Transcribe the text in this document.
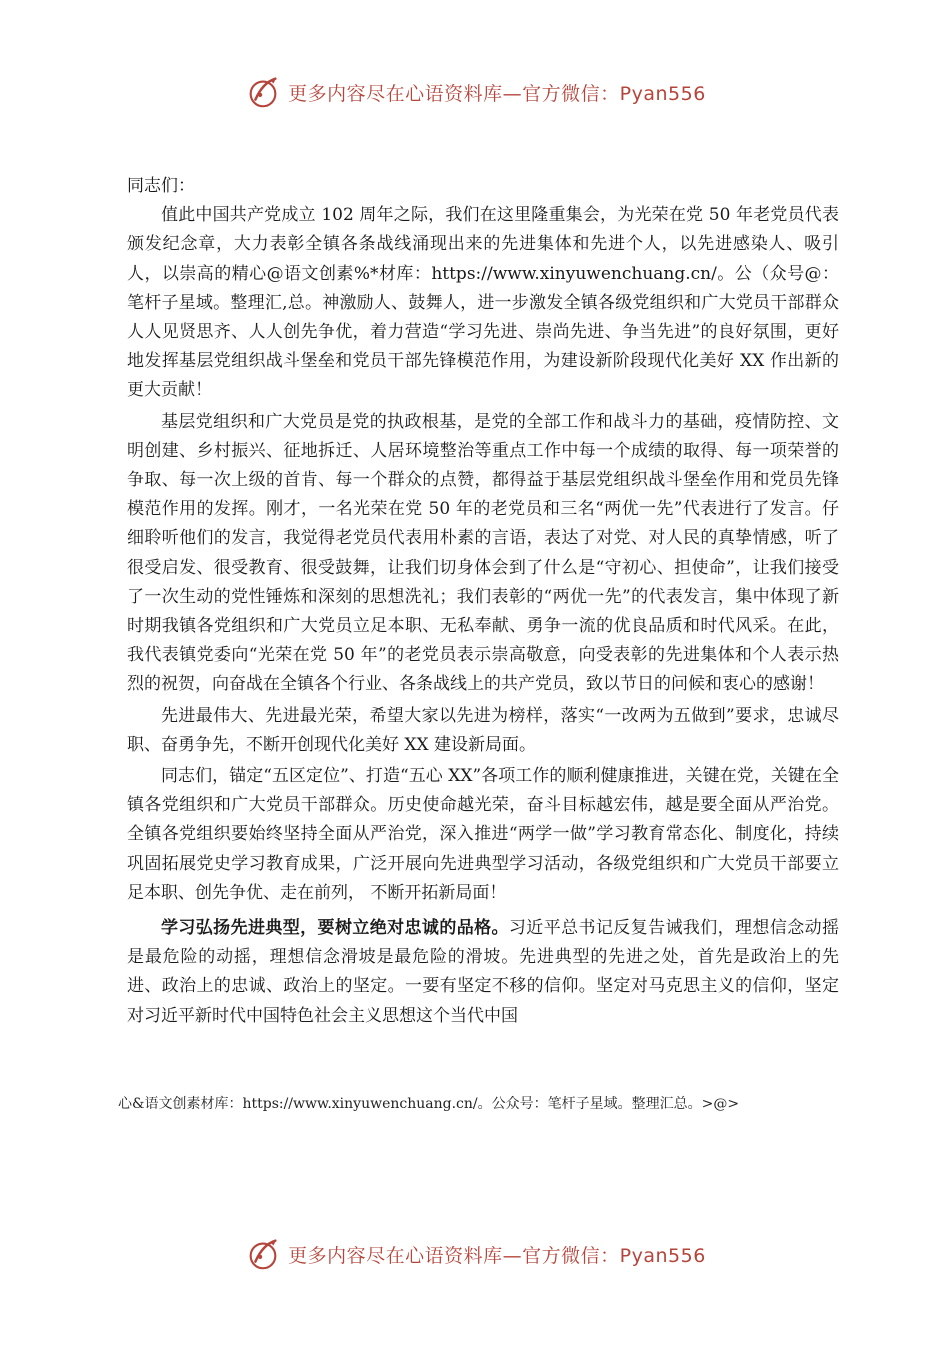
更多内容尽在心语资料库—官方微信：Pyan556

同志们：

值此中国共产党成立 102 周年之际，我们在这里隆重集会，为光荣在党 50 年老党员代表颁发纪念章，大力表彰全镇各条战线涌现出来的先进集体和先进个人，以先进感染人、吸引人，以崇高的精心@语文创素%*材库：https://www.xinyuwenchuang.cn/。公（众号@：笔杆子星域。整理汇,总。神激励人、鼓舞人，进一步激发全镇各级党组织和广大党员干部群众人人见贤思齐、人人创先争优，着力营造“学习先进、崇尚先进、争当先进”的良好氛围，更好地发挥基层党组织战斗堡垒和党员干部先锋模范作用，为建设新阶段现代化美好 XX 作出新的更大贡献！

基层党组织和广大党员是党的执政根基，是党的全部工作和战斗力的基础，疫情防控、文明创建、乡村振兴、征地拆迁、人居环境整治等重点工作中每一个成绩的取得、每一项荣誉的争取、每一次上级的首肯、每一个群众的点赞，都得益于基层党组织战斗堡垒作用和党员先锋模范作用的发挥。刚才，一名光荣在党 50 年的老党员和三名“两优一先”代表进行了发言。仔细聆听他们的发言，我觉得老党员代表用朴素的言语，表达了对党、对人民的真挚情感，听了很受启发、很受教育、很受鼓舞，让我们切身体会到了什么是“守初心、担使命”，让我们接受了一次生动的党性锤炼和深刻的思想洗礼；我们表彰的“两优一先”的代表发言，集中体现了新时期我镇各党组织和广大党员立足本职、无私奉献、勇争一流的优良品质和时代风采。在此，我代表镇党委向“光荣在党 50 年”的老党员表示崇高敬意，向受表彰的先进集体和个人表示热烈的祝贺，向奋战在全镇各个行业、各条战线上的共产党员，致以节日的问候和衷心的感谢！

先进最伟大、先进最光荣，希望大家以先进为榜样，落实“一改两为五做到”要求，忠诚尽职、奋勇争先，不断开创现代化美好 XX 建设新局面。

同志们，锚定“五区定位”、打造“五心 XX”各项工作的顺利健康推进，关键在党，关键在全镇各党组织和广大党员干部群众。历史使命越光荣，奋斗目标越宏伟，越是要全面从严治党。全镇各党组织要始终坚持全面从严治党，深入推进“两学一做”学习教育常态化、制度化，持续巩固拓展党史学习教育成果，广泛开展向先进典型学习活动，各级党组织和广大党员干部要立足本职、创先争优、走在前列， 不断开拓新局面！

学习弘扬先进典型，要树立绝对忠诚的品格。习近平总书记反复告诫我们，理想信念动摇是最危险的动摇，理想信念滑坡是最危险的滑坡。先进典型的先进之处，首先是政治上的先进、政治上的忠诚、政治上的坚定。一要有坚定不移的信仰。坚定对马克思主义的信仰，坚定对习近平新时代中国特色社会主义思想这个当代中国

心&语文创素材库：https://www.xinyuwenchuang.cn/。公众号：笔杆子星域。整理汇总。>@>
更多内容尽在心语资料库—官方微信：Pyan556
